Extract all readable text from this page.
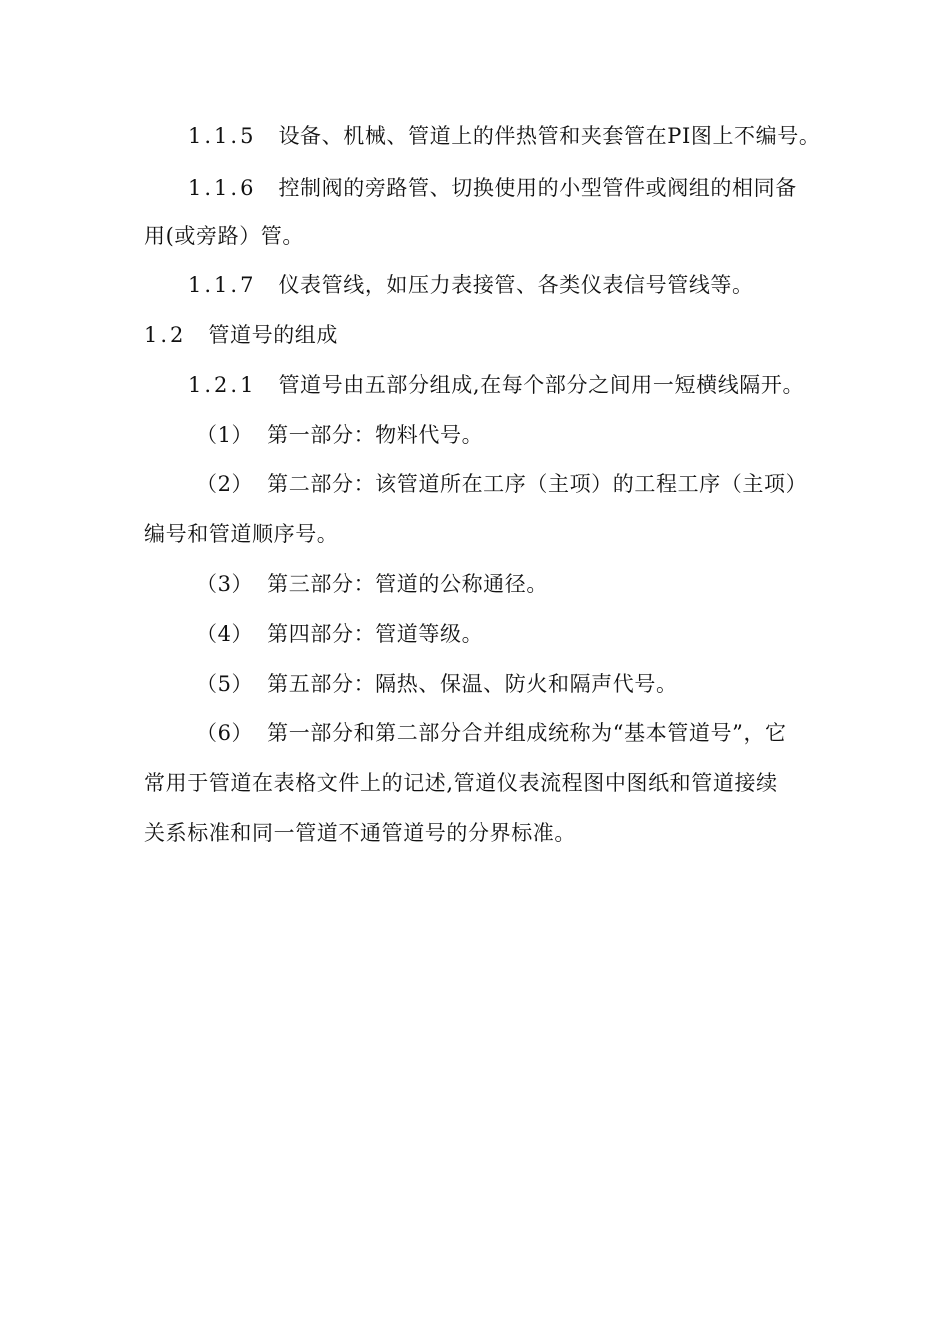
1.1.5 设备、机械、管道上的伴热管和夹套管在PI图上不编号。
1.1.6 控制阀的旁路管、切换使用的小型管件或阀组的相同备
用(或旁路）管。
1.1.7 仪表管线，如压力表接管、各类仪表信号管线等。
1.2 管道号的组成
1.2.1 管道号由五部分组成,在每个部分之间用一短横线隔开。
（1） 第一部分：物料代号。
（2） 第二部分：该管道所在工序（主项）的工程工序（主项）
编号和管道顺序号。
（3） 第三部分：管道的公称通径。
（4） 第四部分：管道等级。
（5） 第五部分：隔热、保温、防火和隔声代号。
（6） 第一部分和第二部分合并组成统称为“基本管道号”，它
常用于管道在表格文件上的记述,管道仪表流程图中图纸和管道接续
关系标准和同一管道不通管道号的分界标准。
